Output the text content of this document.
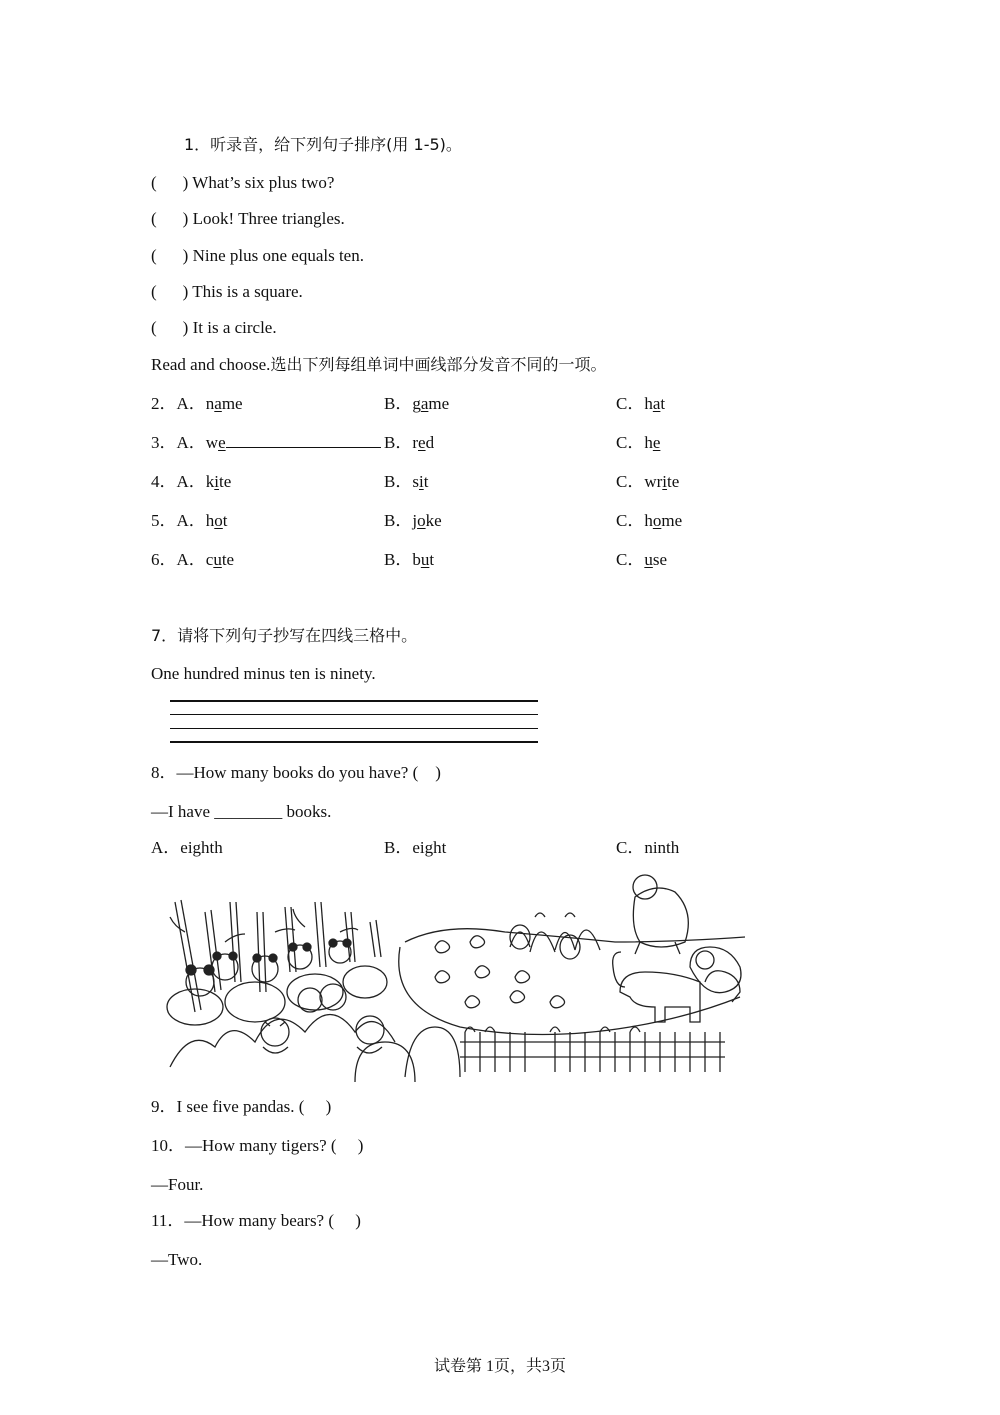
1．听录音，给下列句子排序(用 1-5)。
( ) What’s six plus two?
( ) Look! Three triangles.
( ) Nine plus one equals ten.
( ) This is a square.
( ) It is a circle.
Read and choose.选出下列每组单词中画线部分发音不同的一项。
2．A．name	B．game	C．hat
3．A．we	B．red	C．he
4．A．kite	B．sit	C．write
5．A．hot	B．joke	C．home
6．A．cute	B．but	C．use
7．请将下列句子抄写在四线三格中。
One hundred minus ten is ninety.
8．—How many books do you have? (　)
—I have ________ books.
A．eighth	B．eight	C．ninth
9．I see five pandas. (　 )
10．—How many tigers? (　 )
—Four.
11．—How many bears? (　 )
—Two.
试卷第 1页，共3页
